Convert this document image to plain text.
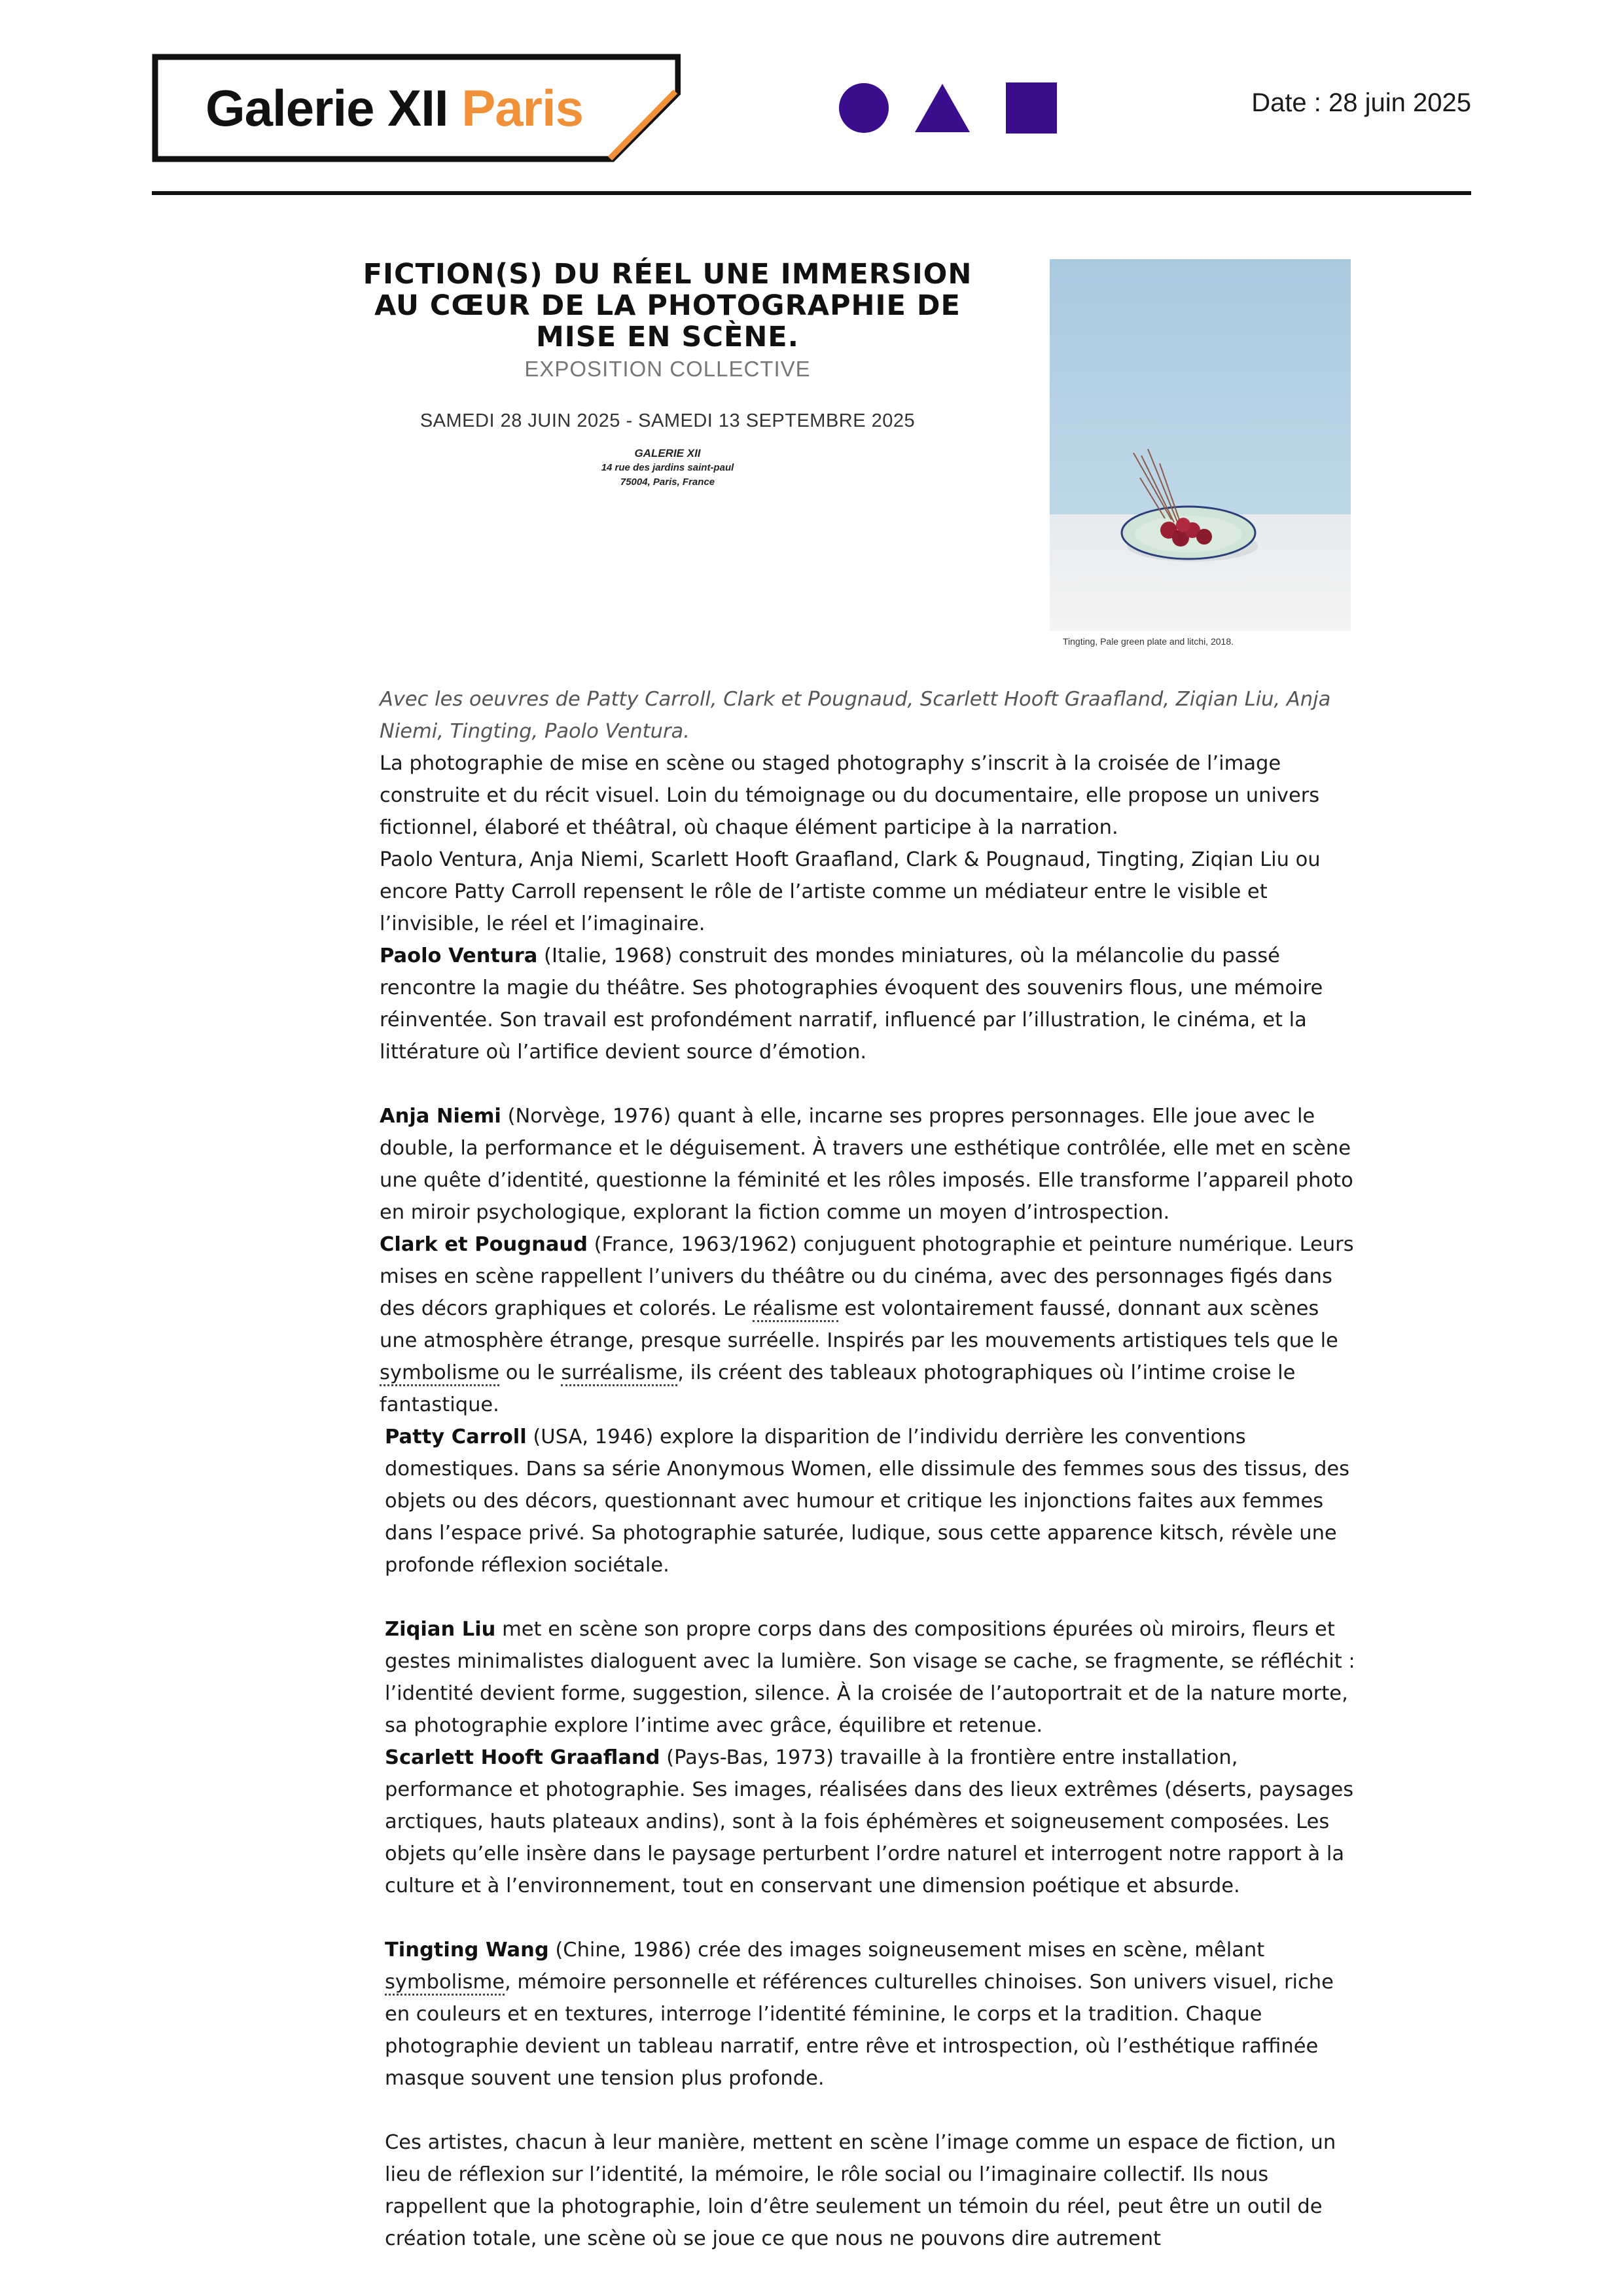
Galerie XII Paris	Date : 28 juin 2025
FICTION(S) DU RÉEL UNE IMMERSION AU CŒUR DE LA PHOTOGRAPHIE DE MISE EN SCÈNE.
EXPOSITION COLLECTIVE
SAMEDI 28 JUIN 2025 - SAMEDI 13 SEPTEMBRE 2025
GALERIE XII
14 rue des jardins saint-paul
75004, Paris, France
Tingting, Pale green plate and litchi, 2018.

Avec les oeuvres de Patty Carroll, Clark et Pougnaud, Scarlett Hooft Graafland, Ziqian Liu, Anja Niemi, Tingting, Paolo Ventura.

La photographie de mise en scène ou staged photography s’inscrit à la croisée de l’image construite et du récit visuel. Loin du témoignage ou du documentaire, elle propose un univers fictionnel, élaboré et théâtral, où chaque élément participe à la narration.

Paolo Ventura, Anja Niemi, Scarlett Hooft Graafland, Clark & Pougnaud, Tingting, Ziqian Liu ou encore Patty Carroll repensent le rôle de l’artiste comme un médiateur entre le visible et l’invisible, le réel et l’imaginaire.

Paolo Ventura (Italie, 1968) construit des mondes miniatures, où la mélancolie du passé rencontre la magie du théâtre. Ses photographies évoquent des souvenirs flous, une mémoire réinventée. Son travail est profondément narratif, influencé par l’illustration, le cinéma, et la littérature où l’artifice devient source d’émotion.

Anja Niemi (Norvège, 1976) quant à elle, incarne ses propres personnages. Elle joue avec le double, la performance et le déguisement. À travers une esthétique contrôlée, elle met en scène une quête d’identité, questionne la féminité et les rôles imposés. Elle transforme l’appareil photo en miroir psychologique, explorant la fiction comme un moyen d’introspection.

Clark et Pougnaud (France, 1963/1962) conjuguent photographie et peinture numérique. Leurs mises en scène rappellent l’univers du théâtre ou du cinéma, avec des personnages figés dans des décors graphiques et colorés. Le réalisme est volontairement faussé, donnant aux scènes une atmosphère étrange, presque surréelle. Inspirés par les mouvements artistiques tels que le symbolisme ou le surréalisme, ils créent des tableaux photographiques où l’intime croise le fantastique.

Patty Carroll (USA, 1946) explore la disparition de l’individu derrière les conventions domestiques. Dans sa série Anonymous Women, elle dissimule des femmes sous des tissus, des objets ou des décors, questionnant avec humour et critique les injonctions faites aux femmes dans l’espace privé. Sa photographie saturée, ludique, sous cette apparence kitsch, révèle une profonde réflexion sociétale.

Ziqian Liu met en scène son propre corps dans des compositions épurées où miroirs, fleurs et gestes minimalistes dialoguent avec la lumière. Son visage se cache, se fragmente, se réfléchit : l’identité devient forme, suggestion, silence. À la croisée de l’autoportrait et de la nature morte, sa photographie explore l’intime avec grâce, équilibre et retenue.

Scarlett Hooft Graafland (Pays-Bas, 1973) travaille à la frontière entre installation, performance et photographie. Ses images, réalisées dans des lieux extrêmes (déserts, paysages arctiques, hauts plateaux andins), sont à la fois éphémères et soigneusement composées. Les objets qu’elle insère dans le paysage perturbent l’ordre naturel et interrogent notre rapport à la culture et à l’environnement, tout en conservant une dimension poétique et absurde.

Tingting Wang (Chine, 1986) crée des images soigneusement mises en scène, mêlant symbolisme, mémoire personnelle et références culturelles chinoises. Son univers visuel, riche en couleurs et en textures, interroge l’identité féminine, le corps et la tradition. Chaque photographie devient un tableau narratif, entre rêve et introspection, où l’esthétique raffinée masque souvent une tension plus profonde.

Ces artistes, chacun à leur manière, mettent en scène l’image comme un espace de fiction, un lieu de réflexion sur l’identité, la mémoire, le rôle social ou l’imaginaire collectif. Ils nous rappellent que la photographie, loin d’être seulement un témoin du réel, peut être un outil de création totale, une scène où se joue ce que nous ne pouvons dire autrement
